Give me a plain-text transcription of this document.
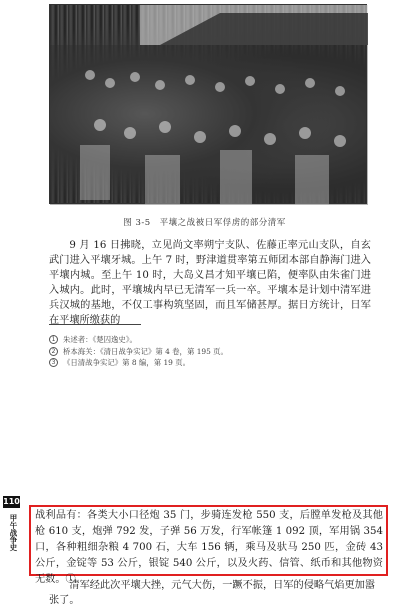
图 3-5　平壤之战被日军俘虏的部分清军

9 月 16 日拂晓，立见尚文率朔宁支队、佐藤正率元山支队，自玄武门进入平壤牙城。上午 7 时，野津道贯率第五师团本部自静海门进入平壤内城。至上午 10 时，大岛义昌才知平壤已陷，便率队由朱雀门进入城内。此时，平壤城内早已无清军一兵一卒。平壤本是计划中清军进兵汉城的基地，不仅工事构筑坚固，而且军储甚厚。据日方统计，日军在平壤所缴获的

1	朱述者：《楚囚逸史》。
2	桥本海关：《清日战争实记》第 4 卷，第 195 页。
3	《日清战争实记》第 8 编，第 19 页。
110
甲午战争史 战利品有：各类大小口径炮 35 门，步骑连发枪 550 支，后膛单发枪及其他枪 610 支，炮弹 792 发，子弹 56 万发，行军帐篷 1 092 顶，军用锅 354 口，各种粗细杂粮 4 700 石，大车 156 辆，乘马及驮马 250 匹，金砖 43 公斤，金锭等 53 公斤，银锭 540 公斤，以及火药、信管、纸币和其他物资无数。①

清军经此次平壤大挫，元气大伤，一蹶不振，日军的侵略气焰更加嚣张了。
